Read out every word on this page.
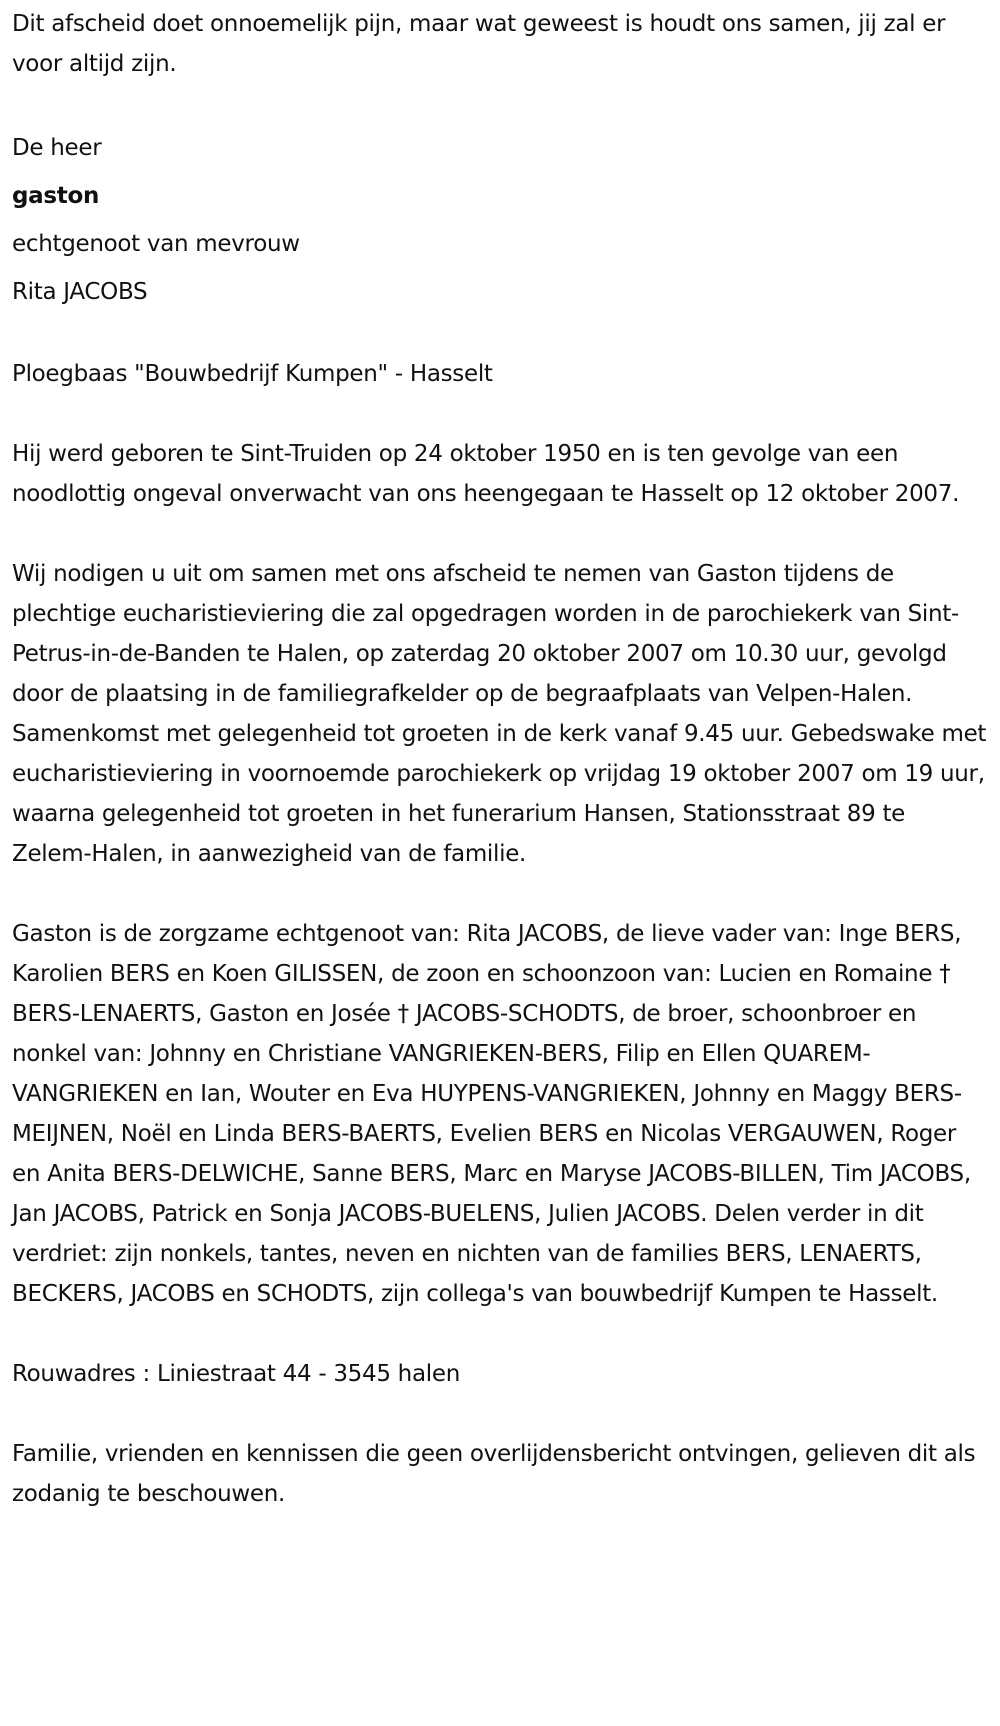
Dit afscheid doet onnoemelijk pijn, maar wat geweest is houdt ons samen, jij zal er voor altijd zijn.

De heer
gaston
echtgenoot van mevrouw
Rita JACOBS

Ploegbaas "Bouwbedrijf Kumpen" - Hasselt

Hij werd geboren te Sint-Truiden op 24 oktober 1950 en is ten gevolge van een noodlottig ongeval onverwacht van ons heengegaan te Hasselt op 12 oktober 2007.

Wij nodigen u uit om samen met ons afscheid te nemen van Gaston tijdens de plechtige eucharistieviering die zal opgedragen worden in de parochiekerk van Sint-Petrus-in-de-Banden te Halen, op zaterdag 20 oktober 2007 om 10.30 uur, gevolgd door de plaatsing in de familiegrafkelder op de begraafplaats van Velpen-Halen. Samenkomst met gelegenheid tot groeten in de kerk vanaf 9.45 uur. Gebedswake met eucharistieviering in voornoemde parochiekerk op vrijdag 19 oktober 2007 om 19 uur, waarna gelegenheid tot groeten in het funerarium Hansen, Stationsstraat 89 te Zelem-Halen, in aanwezigheid van de familie.

Gaston is de zorgzame echtgenoot van: Rita JACOBS, de lieve vader van: Inge BERS, Karolien BERS en Koen GILISSEN, de zoon en schoonzoon van: Lucien en Romaine † BERS-LENAERTS, Gaston en Josée † JACOBS-SCHODTS, de broer, schoonbroer en nonkel van: Johnny en Christiane VANGRIEKEN-BERS, Filip en Ellen QUAREM-VANGRIEKEN en Ian, Wouter en Eva HUYPENS-VANGRIEKEN, Johnny en Maggy BERS-MEIJNEN, Noël en Linda BERS-BAERTS, Evelien BERS en Nicolas VERGAUWEN, Roger en Anita BERS-DELWICHE, Sanne BERS, Marc en Maryse JACOBS-BILLEN, Tim JACOBS, Jan JACOBS, Patrick en Sonja JACOBS-BUELENS, Julien JACOBS. Delen verder in dit verdriet: zijn nonkels, tantes, neven en nichten van de families BERS, LENAERTS, BECKERS, JACOBS en SCHODTS, zijn collega's van bouwbedrijf Kumpen te Hasselt.

Rouwadres : Liniestraat 44 - 3545 halen

Familie, vrienden en kennissen die geen overlijdensbericht ontvingen, gelieven dit als zodanig te beschouwen.
